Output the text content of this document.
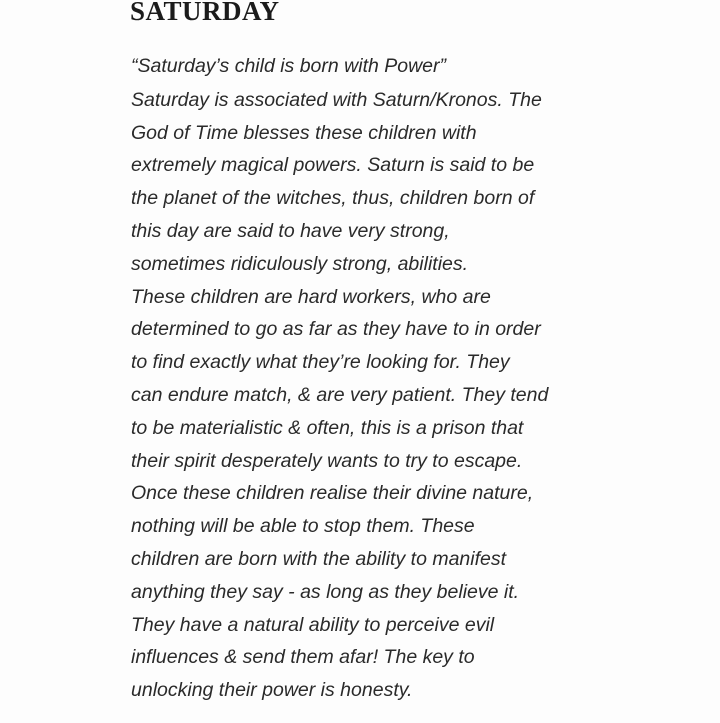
SATURDAY
“Saturday’s child is born with Power”
Saturday is associated with Saturn/Kronos. The
God of Time blesses these children with
extremely magical powers. Saturn is said to be
the planet of the witches, thus, children born of
this day are said to have very strong,
sometimes ridiculously strong, abilities.
These children are hard workers, who are
determined to go as far as they have to in order
to find exactly what they’re looking for. They
can endure match, & are very patient. They tend
to be materialistic & often, this is a prison that
their spirit desperately wants to try to escape.
Once these children realise their divine nature,
nothing will be able to stop them. These
children are born with the ability to manifest
anything they say - as long as they believe it.
They have a natural ability to perceive evil
influences & send them afar! The key to
unlocking their power is honesty.
